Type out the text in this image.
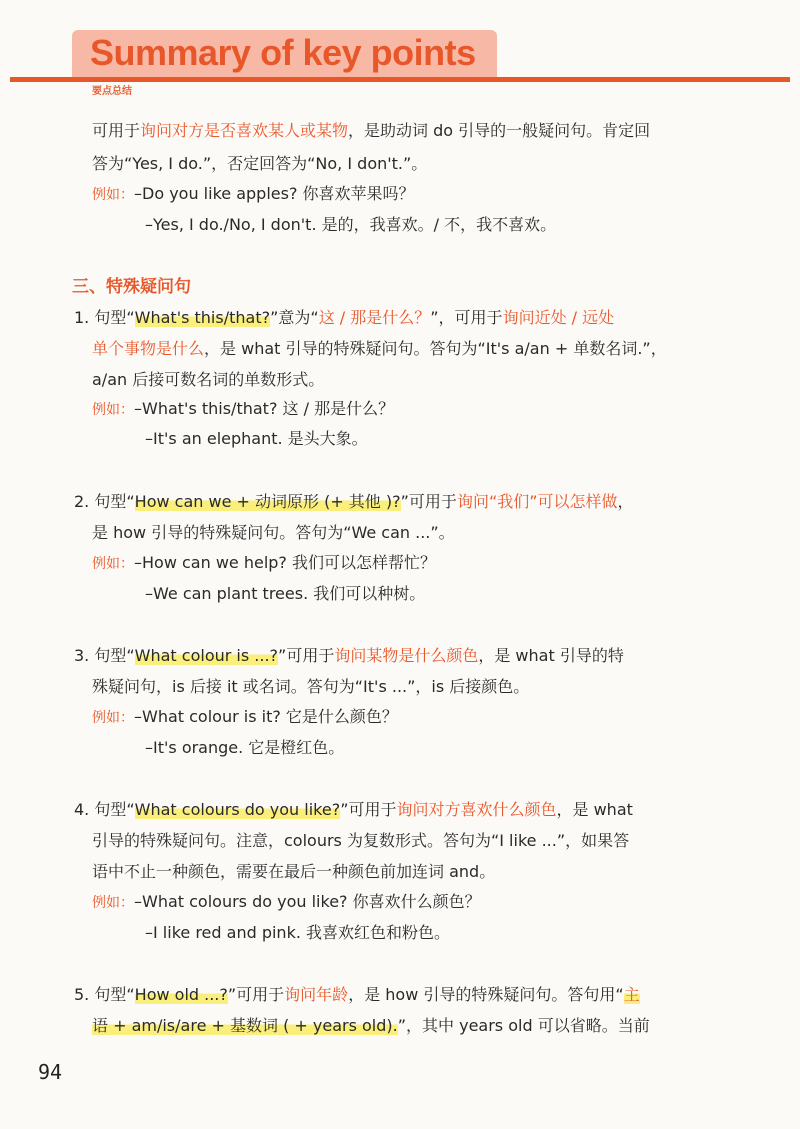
Summary of key points
要点总结
可用于询问对方是否喜欢某人或某物，是助动词 do 引导的一般疑问句。肯定回
答为“Yes, I do.”，否定回答为“No, I don't.”。
例如：–Do you like apples? 你喜欢苹果吗？
–Yes, I do./No, I don't. 是的，我喜欢。/ 不，我不喜欢。
三、特殊疑问句
1. 句型“What's this/that?”意为“这 / 那是什么？”，可用于询问近处 / 远处
单个事物是什么，是 what 引导的特殊疑问句。答句为“It's a/an + 单数名词.”，
a/an 后接可数名词的单数形式。
例如：–What's this/that? 这 / 那是什么？
–It's an elephant. 是头大象。
2. 句型“How can we + 动词原形 (+ 其他 )?”可用于询问“我们”可以怎样做，
是 how 引导的特殊疑问句。答句为“We can ...”。
例如：–How can we help? 我们可以怎样帮忙？
–We can plant trees. 我们可以种树。
3. 句型“What colour is ...?”可用于询问某物是什么颜色，是 what 引导的特
殊疑问句，is 后接 it 或名词。答句为“It's ...”，is 后接颜色。
例如：–What colour is it? 它是什么颜色？
–It's orange. 它是橙红色。
4. 句型“What colours do you like?”可用于询问对方喜欢什么颜色，是 what
引导的特殊疑问句。注意，colours 为复数形式。答句为“I like ...”，如果答
语中不止一种颜色，需要在最后一种颜色前加连词 and。
例如：–What colours do you like? 你喜欢什么颜色？
–I like red and pink. 我喜欢红色和粉色。
5. 句型“How old ...?”可用于询问年龄，是 how 引导的特殊疑问句。答句用“主
语 + am/is/are + 基数词 ( + years old).”，其中 years old 可以省略。当前
94
